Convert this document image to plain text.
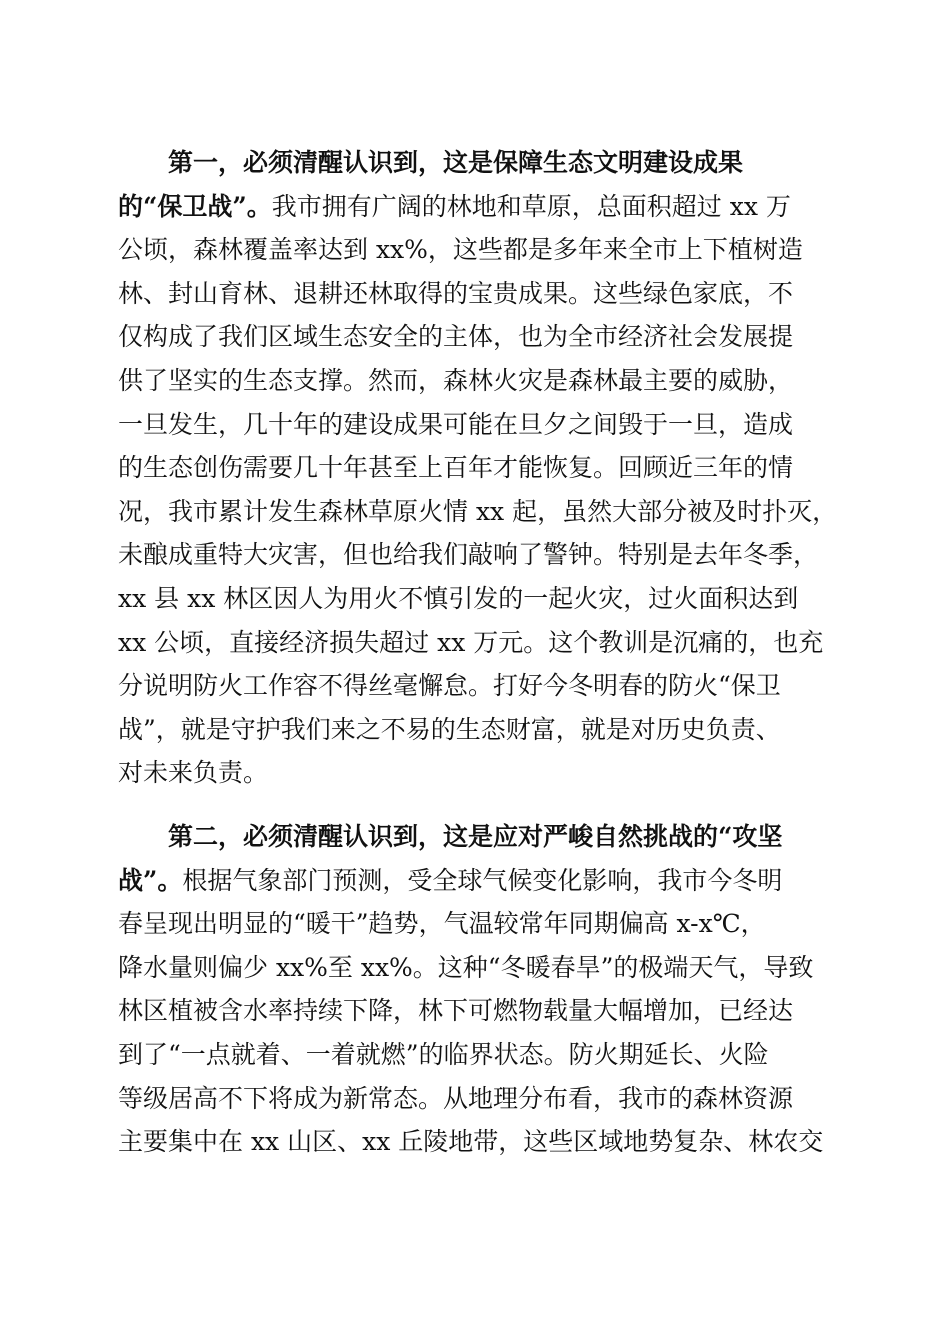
第一，必须清醒认识到，这是保障生态文明建设成果
的“保卫战”。我市拥有广阔的林地和草原，总面积超过 xx 万
公顷，森林覆盖率达到 xx%，这些都是多年来全市上下植树造
林、封山育林、退耕还林取得的宝贵成果。这些绿色家底，不
仅构成了我们区域生态安全的主体，也为全市经济社会发展提
供了坚实的生态支撑。然而，森林火灾是森林最主要的威胁，
一旦发生，几十年的建设成果可能在旦夕之间毁于一旦，造成
的生态创伤需要几十年甚至上百年才能恢复。回顾近三年的情
况，我市累计发生森林草原火情 xx 起，虽然大部分被及时扑灭，
未酿成重特大灾害，但也给我们敲响了警钟。特别是去年冬季，
xx 县 xx 林区因人为用火不慎引发的一起火灾，过火面积达到
xx 公顷，直接经济损失超过 xx 万元。这个教训是沉痛的，也充
分说明防火工作容不得丝毫懈怠。打好今冬明春的防火“保卫
战”，就是守护我们来之不易的生态财富，就是对历史负责、
对未来负责。
第二，必须清醒认识到，这是应对严峻自然挑战的“攻坚
战”。根据气象部门预测，受全球气候变化影响，我市今冬明
春呈现出明显的“暖干”趋势，气温较常年同期偏高 x-x℃，
降水量则偏少 xx%至 xx%。这种“冬暖春旱”的极端天气，导致
林区植被含水率持续下降，林下可燃物载量大幅增加，已经达
到了“一点就着、一着就燃”的临界状态。防火期延长、火险
等级居高不下将成为新常态。从地理分布看，我市的森林资源
主要集中在 xx 山区、xx 丘陵地带，这些区域地势复杂、林农交
